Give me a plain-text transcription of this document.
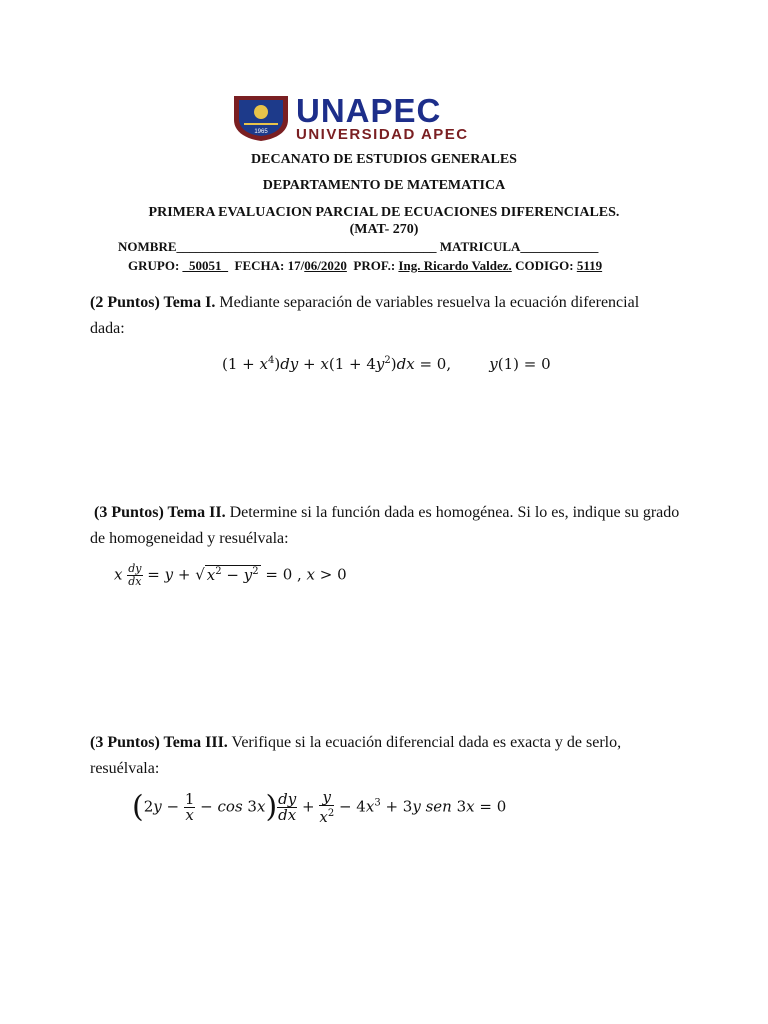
1965
UNAPEC
UNIVERSIDAD APEC
DECANATO DE ESTUDIOS GENERALES
DEPARTAMENTO DE MATEMATICA
PRIMERA EVALUACION PARCIAL DE ECUACIONES DIFERENCIALES.
(MAT- 270)
NOMBRE________________________________________ MATRICULA____________
GRUPO: _50051_ FECHA: 17/06/2020 PROF.: Ing. Ricardo Valdez. CODIGO: 5119
(2 Puntos) Tema I. Mediante separación de variables resuelva la ecuación diferencial dada:
$(1 + x^4)dy + x(1 + 4y^2)dx = 0$,        y(1) = 0
(3 Puntos) Tema II. Determine si la función dada es homogénea. Si lo es, indique su grado de homogeneidad y resuélvala:
x $\frac{dy}{dx} = y$ + √ $x^2 - y^2 = 0$ , x > 0
(3 Puntos) Tema III. Verifique si la ecuación diferencial dada es exacta y de serlo, resuélvala:
$(2y - \frac{1}{x} - \cos 3x) \frac{dy}{dx} + \frac{y}{x^2} - 4x^3 + 3y$ sen 3x = 0
